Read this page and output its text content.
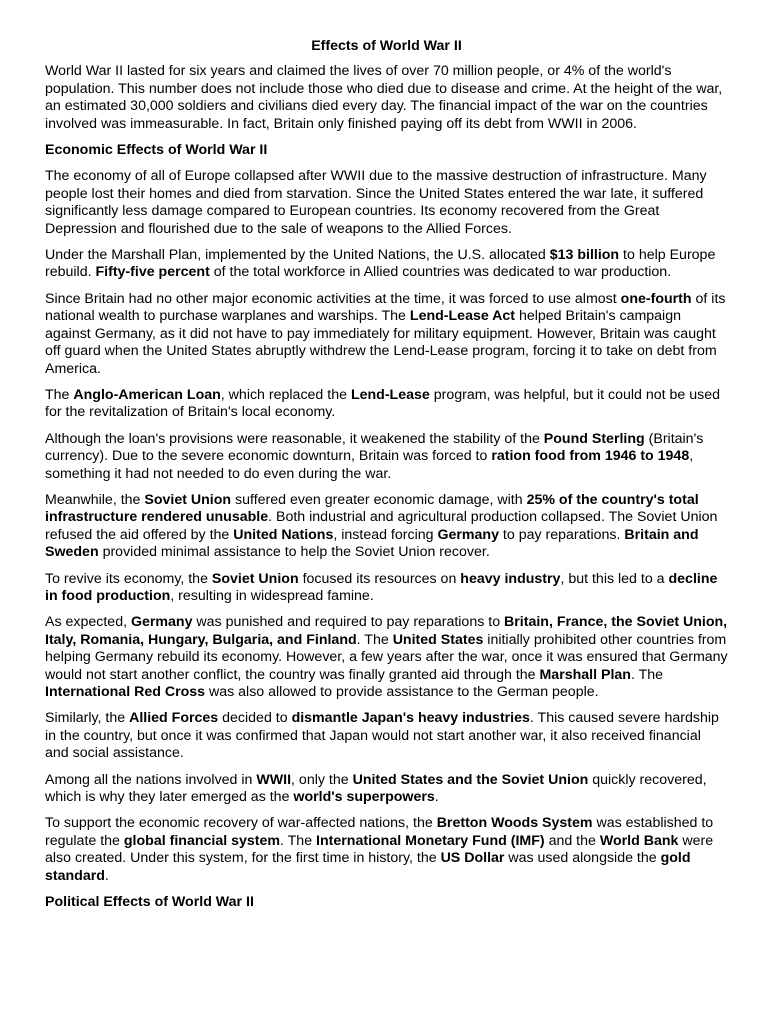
Effects of World War II

World War II lasted for six years and claimed the lives of over 70 million people, or 4% of the world's population. This number does not include those who died due to disease and crime. At the height of the war, an estimated 30,000 soldiers and civilians died every day. The financial impact of the war on the countries involved was immeasurable. In fact, Britain only finished paying off its debt from WWII in 2006.

Economic Effects of World War II

The economy of all of Europe collapsed after WWII due to the massive destruction of infrastructure. Many people lost their homes and died from starvation. Since the United States entered the war late, it suffered significantly less damage compared to European countries. Its economy recovered from the Great Depression and flourished due to the sale of weapons to the Allied Forces.

Under the Marshall Plan, implemented by the United Nations, the U.S. allocated $13 billion to help Europe rebuild. Fifty-five percent of the total workforce in Allied countries was dedicated to war production.

Since Britain had no other major economic activities at the time, it was forced to use almost one-fourth of its national wealth to purchase warplanes and warships. The Lend-Lease Act helped Britain's campaign against Germany, as it did not have to pay immediately for military equipment. However, Britain was caught off guard when the United States abruptly withdrew the Lend-Lease program, forcing it to take on debt from America.

The Anglo-American Loan, which replaced the Lend-Lease program, was helpful, but it could not be used for the revitalization of Britain's local economy.

Although the loan's provisions were reasonable, it weakened the stability of the Pound Sterling (Britain's currency). Due to the severe economic downturn, Britain was forced to ration food from 1946 to 1948, something it had not needed to do even during the war.

Meanwhile, the Soviet Union suffered even greater economic damage, with 25% of the country's total infrastructure rendered unusable. Both industrial and agricultural production collapsed. The Soviet Union refused the aid offered by the United Nations, instead forcing Germany to pay reparations. Britain and Sweden provided minimal assistance to help the Soviet Union recover.

To revive its economy, the Soviet Union focused its resources on heavy industry, but this led to a decline in food production, resulting in widespread famine.

As expected, Germany was punished and required to pay reparations to Britain, France, the Soviet Union, Italy, Romania, Hungary, Bulgaria, and Finland. The United States initially prohibited other countries from helping Germany rebuild its economy. However, a few years after the war, once it was ensured that Germany would not start another conflict, the country was finally granted aid through the Marshall Plan. The International Red Cross was also allowed to provide assistance to the German people.

Similarly, the Allied Forces decided to dismantle Japan's heavy industries. This caused severe hardship in the country, but once it was confirmed that Japan would not start another war, it also received financial and social assistance.

Among all the nations involved in WWII, only the United States and the Soviet Union quickly recovered, which is why they later emerged as the world's superpowers.

To support the economic recovery of war-affected nations, the Bretton Woods System was established to regulate the global financial system. The International Monetary Fund (IMF) and the World Bank were also created. Under this system, for the first time in history, the US Dollar was used alongside the gold standard.

Political Effects of World War II
